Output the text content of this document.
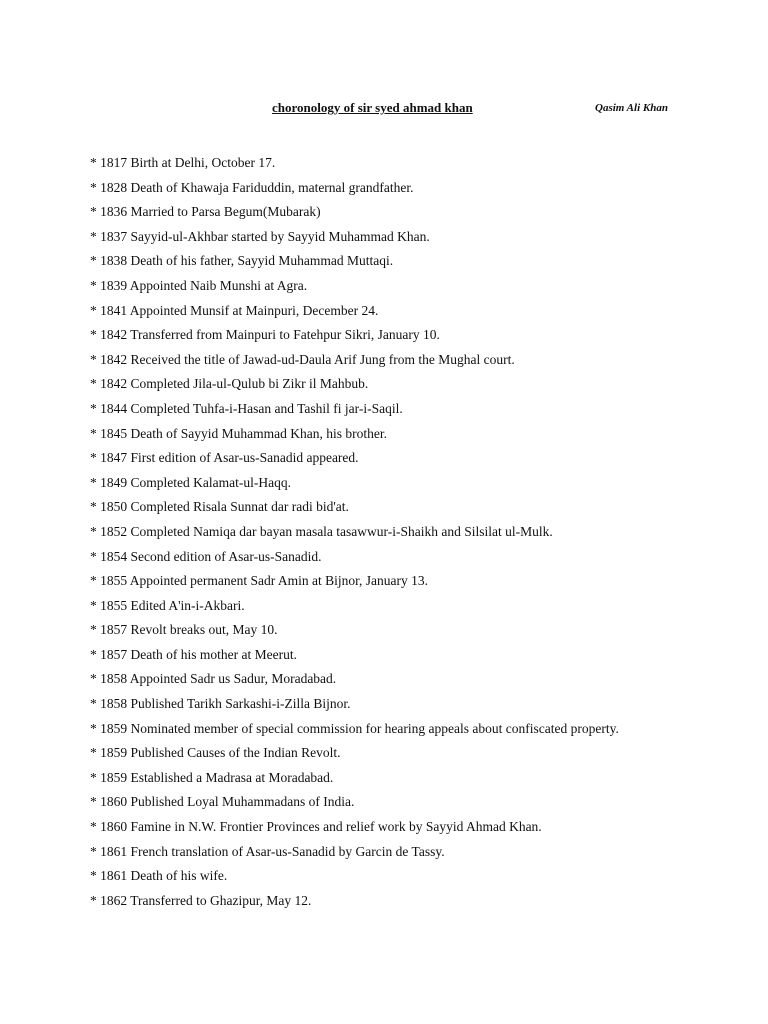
choronology of sir syed ahmad khan	Qasim Ali Khan
* 1817 Birth at Delhi, October 17.
* 1828 Death of Khawaja Fariduddin, maternal grandfather.
* 1836 Married to Parsa Begum(Mubarak)
* 1837 Sayyid-ul-Akhbar started by Sayyid Muhammad Khan.
* 1838 Death of his father, Sayyid Muhammad Muttaqi.
* 1839 Appointed Naib Munshi at Agra.
* 1841 Appointed Munsif at Mainpuri, December 24.
* 1842 Transferred from Mainpuri to Fatehpur Sikri, January 10.
* 1842 Received the title of Jawad-ud-Daula Arif Jung from the Mughal court.
* 1842 Completed Jila-ul-Qulub bi Zikr il Mahbub.
* 1844 Completed Tuhfa-i-Hasan and Tashil fi jar-i-Saqil.
* 1845 Death of Sayyid Muhammad Khan, his brother.
* 1847 First edition of Asar-us-Sanadid appeared.
* 1849 Completed Kalamat-ul-Haqq.
* 1850 Completed Risala Sunnat dar radi bid'at.
* 1852 Completed Namiqa dar bayan masala tasawwur-i-Shaikh and Silsilat ul-Mulk.
* 1854 Second edition of Asar-us-Sanadid.
* 1855 Appointed permanent Sadr Amin at Bijnor, January 13.
* 1855 Edited A'in-i-Akbari.
* 1857 Revolt breaks out, May 10.
* 1857 Death of his mother at Meerut.
* 1858 Appointed Sadr us Sadur, Moradabad.
* 1858 Published Tarikh Sarkashi-i-Zilla Bijnor.
* 1859 Nominated member of special commission for hearing appeals about confiscated property.
* 1859 Published Causes of the Indian Revolt.
* 1859 Established a Madrasa at Moradabad.
* 1860 Published Loyal Muhammadans of India.
* 1860 Famine in N.W. Frontier Provinces and relief work by Sayyid Ahmad Khan.
* 1861 French translation of Asar-us-Sanadid by Garcin de Tassy.
* 1861 Death of his wife.
* 1862 Transferred to Ghazipur, May 12.
